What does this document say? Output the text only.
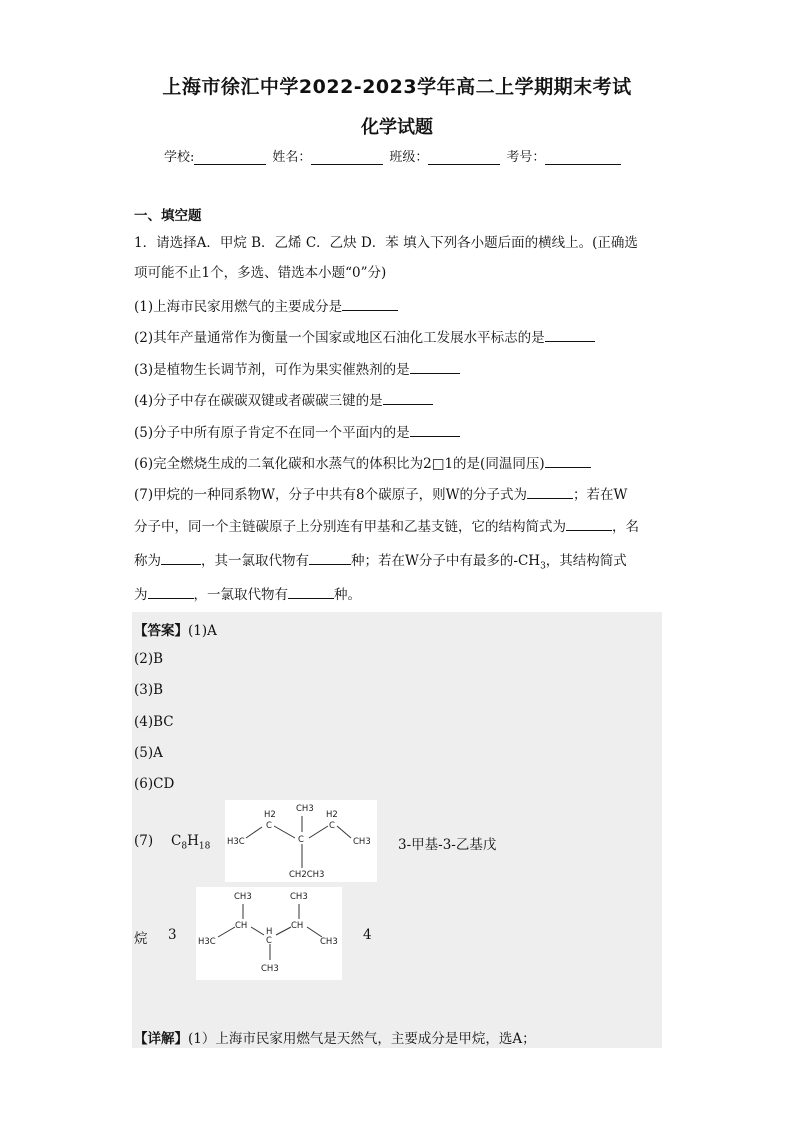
上海市徐汇中学2022-2023学年高二上学期期末考试
化学试题
学校:	姓名：	班级：	考号：
一、填空题
1．请选择A．甲烷 B．乙烯 C．乙炔 D．苯 填入下列各小题后面的横线上。(正确选
项可能不止1个，多选、错选本小题“0”分)
(1)上海市民家用燃气的主要成分是
(2)其年产量通常作为衡量一个国家或地区石油化工发展水平标志的是
(3)是植物生长调节剂，可作为果实催熟剂的是
(4)分子中存在碳碳双键或者碳碳三键的是
(5)分子中所有原子肯定不在同一个平面内的是
(6)完全燃烧生成的二氧化碳和水蒸气的体积比为2□1的是(同温同压)
(7)甲烷的一种同系物W，分子中共有8个碳原子，则W的分子式为	；若在W
分子中，同一个主链碳原子上分别连有甲基和乙基支链，它的结构简式为	，名
称为	，其一氯取代物有	种；若在W分子中有最多的$-CH_3$，其结构简式
为	，一氯取代物有	种。
【答案】(1)A
(2)B
(3)B
(4)BC
(5)A
(6)CD
(7) $C_8H_{18}$ H3C
H2
C
CH3
C
H2
C
CH3
CH2CH3
3-甲基-3-乙基戊
烷 3
CH3	CH3
CH	CH
H
C
H3C	CH3
CH3
4
【详解】(1）上海市民家用燃气是天然气，主要成分是甲烷，选A；
